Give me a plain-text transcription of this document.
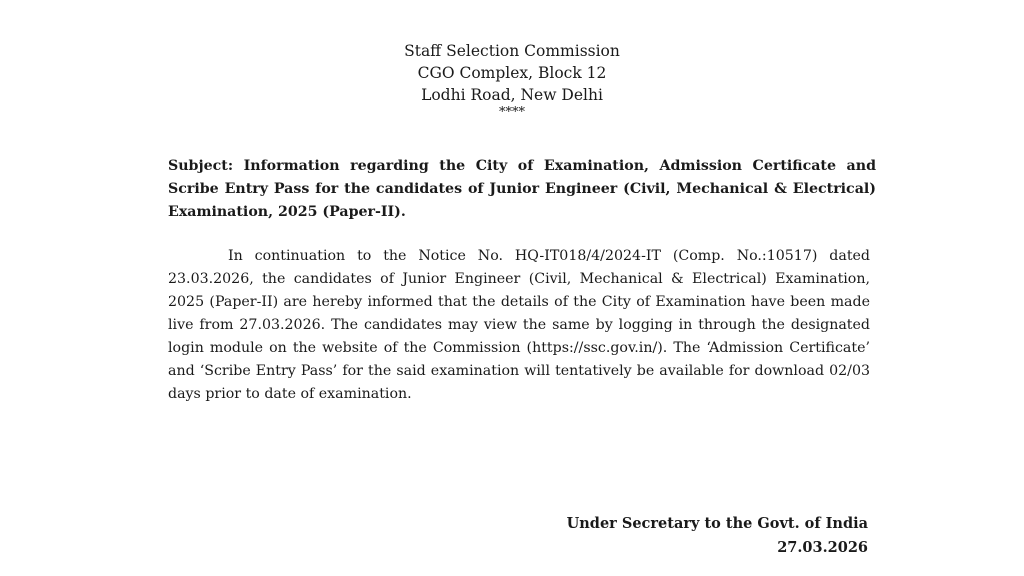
Staff Selection Commission
CGO Complex, Block 12
Lodhi Road, New Delhi
****
Subject: Information regarding the City of Examination, Admission Certificate and Scribe Entry Pass for the candidates of Junior Engineer (Civil, Mechanical & Electrical) Examination, 2025 (Paper-II).
In continuation to the Notice No. HQ-IT018/4/2024-IT (Comp. No.:10517) dated 23.03.2026, the candidates of Junior Engineer (Civil, Mechanical & Electrical) Examination, 2025 (Paper-II) are hereby informed that the details of the City of Examination have been made live from 27.03.2026. The candidates may view the same by logging in through the designated login module on the website of the Commission (https://ssc.gov.in/). The ‘Admission Certificate’ and ‘Scribe Entry Pass’ for the said examination will tentatively be available for download 02/03 days prior to date of examination.
Under Secretary to the Govt. of India
27.03.2026
